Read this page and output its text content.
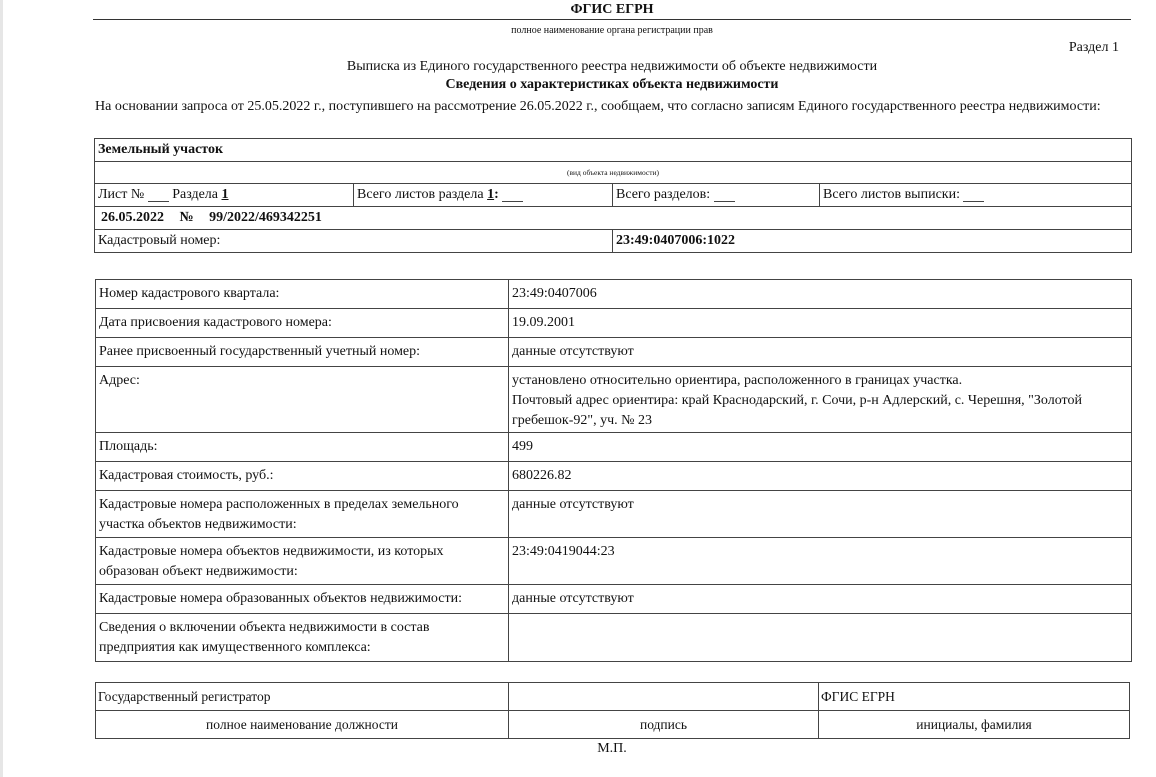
ФГИС ЕГРН
полное наименование органа регистрации прав
Раздел 1
Выписка из Единого государственного реестра недвижимости об объекте недвижимости
Сведения о характеристиках объекта недвижимости
На основании запроса от 25.05.2022 г., поступившего на рассмотрение 26.05.2022 г., сообщаем, что согласно записям Единого государственного реестра недвижимости:
Земельный участок			
(вид объекта недвижимости)			
Лист № ___ Раздела 1	Всего листов раздела 1: ___	Всего разделов: ___	Всего листов выписки: ___
26.05.2022 № 99/2022/469342251			
Кадастровый номер:		23:49:0407006:1022	
Номер кадастрового квартала:	23:49:0407006
Дата присвоения кадастрового номера:	19.09.2001
Ранее присвоенный государственный учетный номер:	данные отсутствуют
Адрес:	установлено относительно ориентира, расположенного в границах участка.
Почтовый адрес ориентира: край Краснодарский, г. Сочи, р-н Адлерский, с. Черешня, "Золотой гребешок-92", уч. № 23

Площадь:	499
Кадастровая стоимость, руб.:	680226.82
Кадастровые номера расположенных в пределах земельного участка объектов недвижимости:	данные отсутствуют
Кадастровые номера объектов недвижимости, из которых образован объект недвижимости:	23:49:0419044:23
Кадастровые номера образованных объектов недвижимости:	данные отсутствуют
Сведения о включении объекта недвижимости в состав предприятия как имущественного комплекса:	
Государственный регистратор		ФГИС ЕГРН
полное наименование должности	подпись	инициалы, фамилия
М.П.
